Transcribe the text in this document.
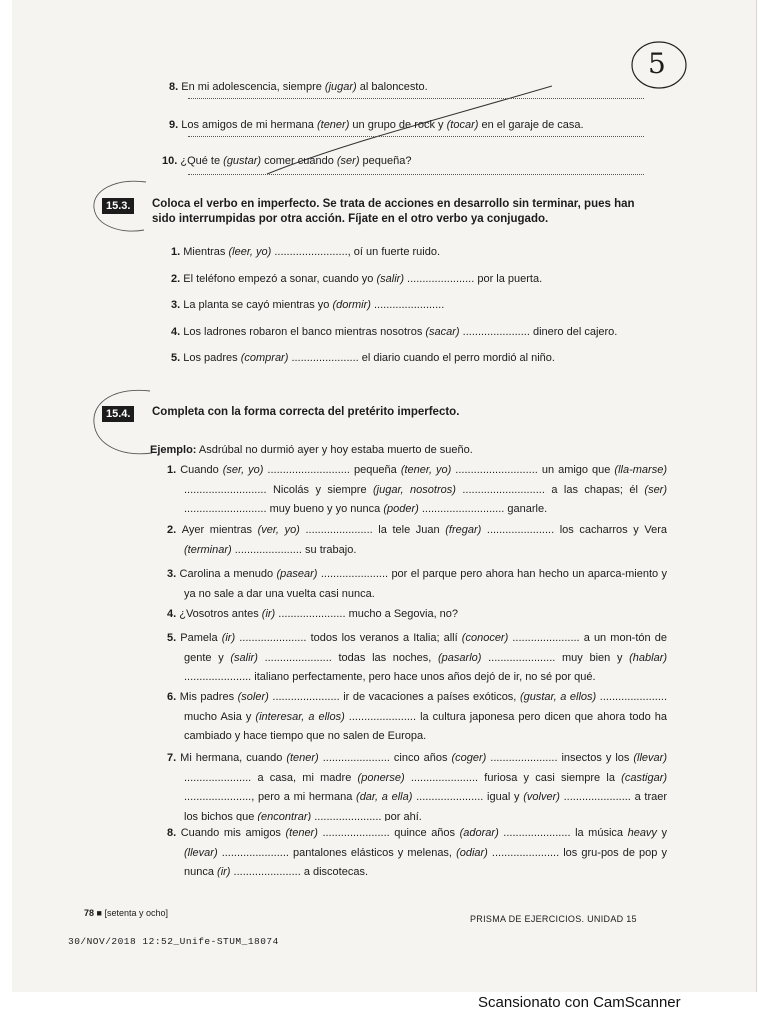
5
8. En mi adolescencia, siempre (jugar) al baloncesto.
9. Los amigos de mi hermana (tener) un grupo de rock y (tocar) en el garaje de casa.
10. ¿Qué te (gustar) comer cuando (ser) pequeña?
15.3.	Coloca el verbo en imperfecto. Se trata de acciones en desarrollo sin terminar, pues han sido interrumpidas por otra acción. Fíjate en el otro verbo ya conjugado.
1. Mientras (leer, yo) ........................, oí un fuerte ruido.
2. El teléfono empezó a sonar, cuando yo (salir) ...................... por la puerta.
3. La planta se cayó mientras yo (dormir) .......................
4. Los ladrones robaron el banco mientras nosotros (sacar) ...................... dinero del cajero.
5. Los padres (comprar) ...................... el diario cuando el perro mordió al niño.
15.4.	Completa con la forma correcta del pretérito imperfecto.
Ejemplo: Asdrúbal no durmió ayer y hoy estaba muerto de sueño.
1. Cuando (ser, yo) ........................... pequeña (tener, yo) ........................... un amigo que (lla-marse) ........................... Nicolás y siempre (jugar, nosotros) ........................... a las chapas; él (ser) ........................... muy bueno y yo nunca (poder) ........................... ganarle.
2. Ayer mientras (ver, yo) ...................... la tele Juan (fregar) ...................... los cacharros y Vera (terminar) ...................... su trabajo.
3. Carolina a menudo (pasear) ...................... por el parque pero ahora han hecho un aparca-miento y ya no sale a dar una vuelta casi nunca.
4. ¿Vosotros antes (ir) ...................... mucho a Segovia, no?
5. Pamela (ir) ...................... todos los veranos a Italia; allí (conocer) ...................... a un mon-tón de gente y (salir) ...................... todas las noches, (pasarlo) ...................... muy bien y (hablar) ...................... italiano perfectamente, pero hace unos años dejó de ir, no sé por qué.
6. Mis padres (soler) ...................... ir de vacaciones a países exóticos, (gustar, a ellos) ...................... mucho Asia y (interesar, a ellos) ...................... la cultura japonesa pero dicen que ahora todo ha cambiado y hace tiempo que no salen de Europa.
7. Mi hermana, cuando (tener) ...................... cinco años (coger) ...................... insectos y los (llevar) ...................... a casa, mi madre (ponerse) ...................... furiosa y casi siempre la (castigar) ......................, pero a mi hermana (dar, a ella) ...................... igual y (volver) ...................... a traer los bichos que (encontrar) ...................... por ahí.
8. Cuando mis amigos (tener) ...................... quince años (adorar) ...................... la música heavy y (llevar) ...................... pantalones elásticos y melenas, (odiar) ...................... los gru-pos de pop y nunca (ir) ...................... a discotecas.
78 ■ [setenta y ocho]
PRISMA DE EJERCICIOS. UNIDAD 15
30/NOV/2018 12:52_Unife-STUM_18074
Scansionato con CamScanner
